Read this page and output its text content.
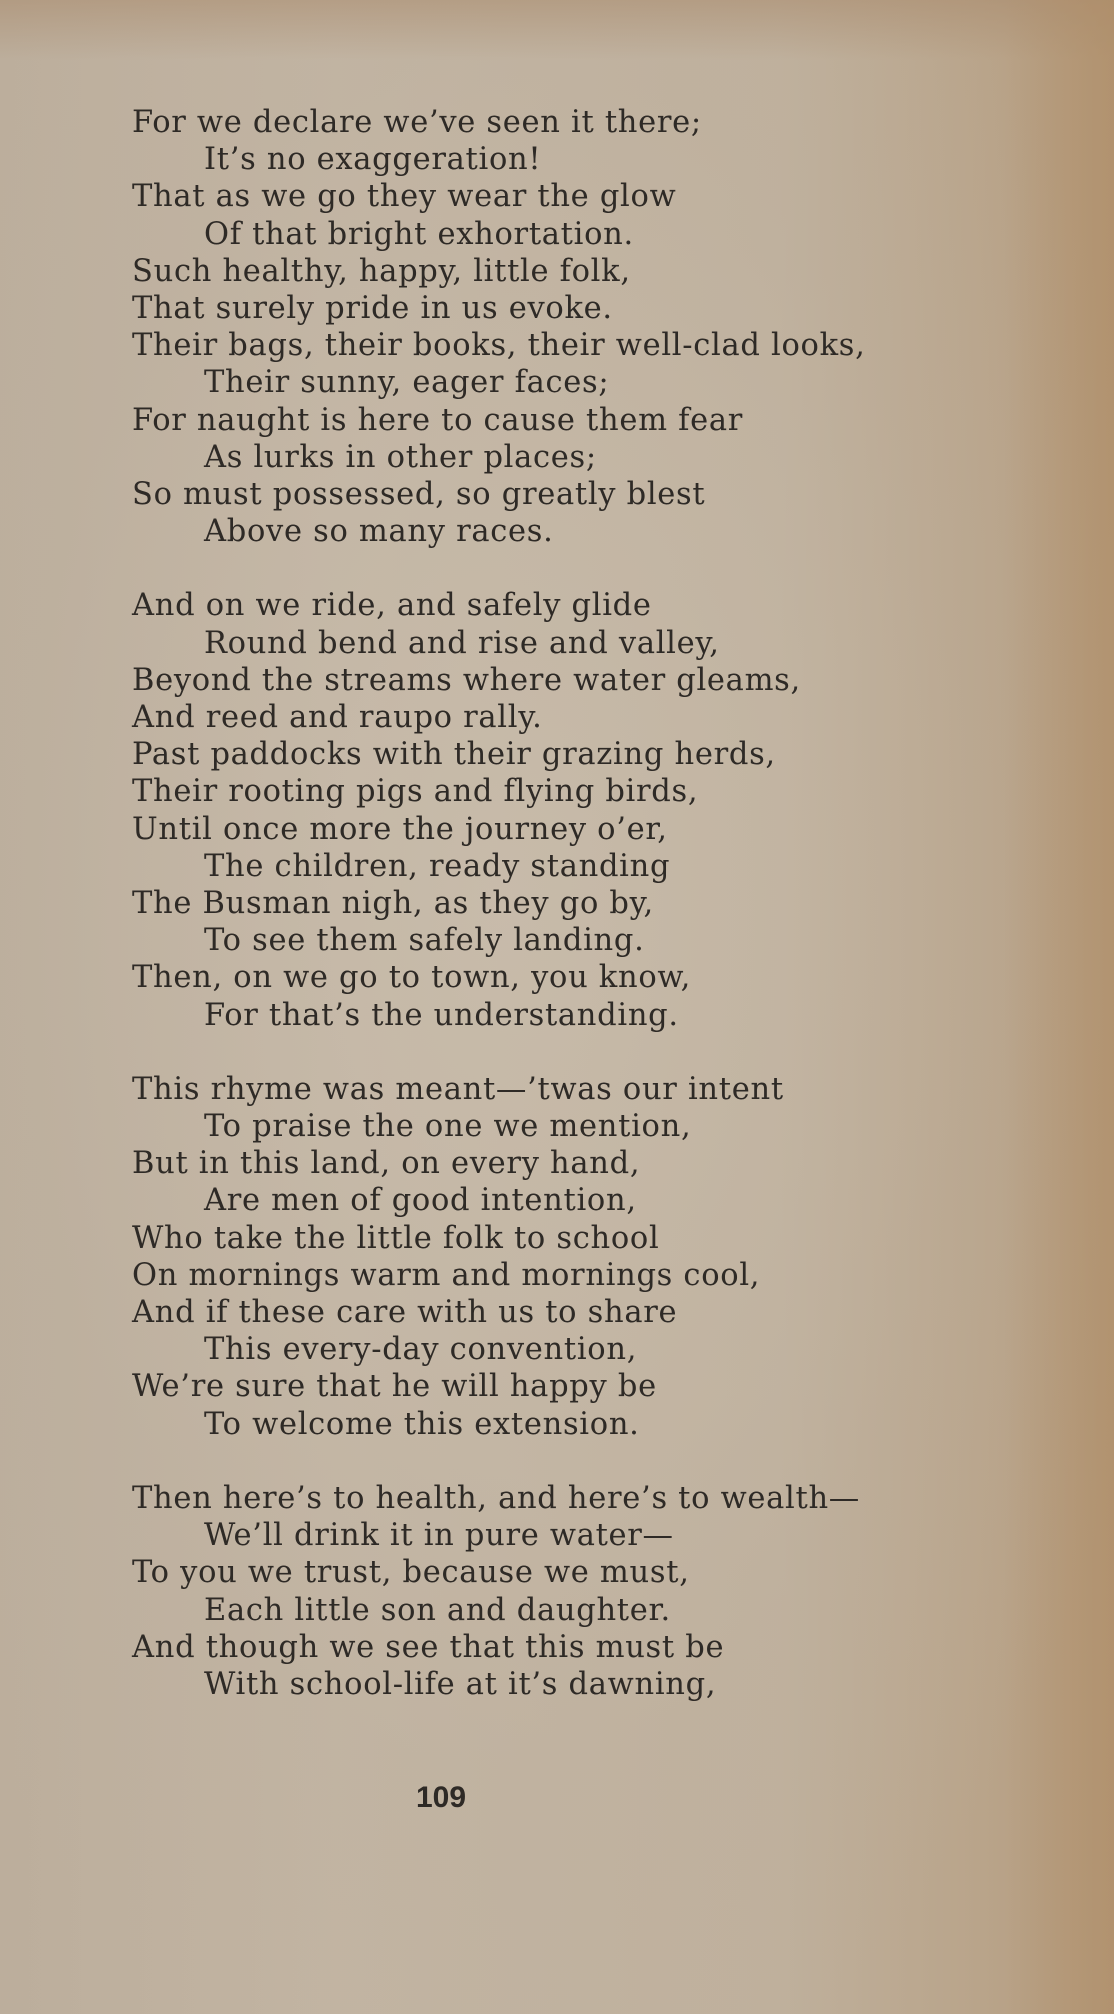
For we declare we’ve seen it there;
It’s no exaggeration!
That as we go they wear the glow
Of that bright exhortation.
Such healthy, happy, little folk,
That surely pride in us evoke.
Their bags, their books, their well-clad looks,
Their sunny, eager faces;
For naught is here to cause them fear
As lurks in other places;
So must possessed, so greatly blest
Above so many races.
And on we ride, and safely glide
Round bend and rise and valley,
Beyond the streams where water gleams,
And reed and raupo rally.
Past paddocks with their grazing herds,
Their rooting pigs and flying birds,
Until once more the journey o’er,
The children, ready standing
The Busman nigh, as they go by,
To see them safely landing.
Then, on we go to town, you know,
For that’s the understanding.
This rhyme was meant—’twas our intent
To praise the one we mention,
But in this land, on every hand,
Are men of good intention,
Who take the little folk to school
On mornings warm and mornings cool,
And if these care with us to share
This every-day convention,
We’re sure that he will happy be
To welcome this extension.
Then here’s to health, and here’s to wealth—
We’ll drink it in pure water—
To you we trust, because we must,
Each little son and daughter.
And though we see that this must be
With school-life at it’s dawning,
109
